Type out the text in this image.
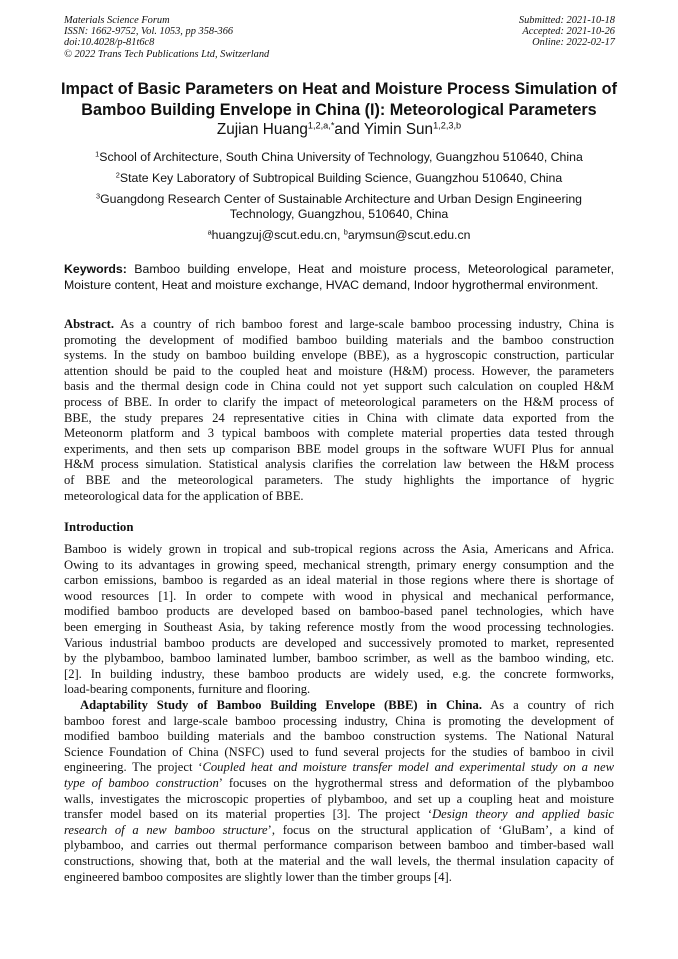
Materials Science Forum
ISSN: 1662-9752, Vol. 1053, pp 358-366
doi:10.4028/p-81t6c8
© 2022 Trans Tech Publications Ltd, Switzerland
Submitted: 2021-10-18
Accepted: 2021-10-26
Online: 2022-02-17
Impact of Basic Parameters on Heat and Moisture Process Simulation of
Bamboo Building Envelope in China (I): Meteorological Parameters
Zujian Huang$^{1,2,a,*}$and Yimin Sun$^{1,2,3,b}$
$^1$School of Architecture, South China University of Technology, Guangzhou 510640, China
$^2$State Key Laboratory of Subtropical Building Science, Guangzhou 510640, China
$^3$Guangdong Research Center of Sustainable Architecture and Urban Design Engineering
Technology, Guangzhou, 510640, China
$^a$huangzuj@scut.edu.cn, $^b$arymsun@scut.edu.cn
Keywords: Bamboo building envelope, Heat and moisture process, Meteorological parameter,
Moisture content, Heat and moisture exchange, HVAC demand, Indoor hygrothermal environment.
Abstract. As a country of rich bamboo forest and large-scale bamboo processing industry, China is
promoting the development of modified bamboo building materials and the bamboo construction
systems. In the study on bamboo building envelope (BBE), as a hygroscopic construction, particular
attention should be paid to the coupled heat and moisture (H&M) process. However, the parameters
basis and the thermal design code in China could not yet support such calculation on coupled H&M
process of BBE. In order to clarify the impact of meteorological parameters on the H&M process of
BBE, the study prepares 24 representative cities in China with climate data exported from the
Meteonorm platform and 3 typical bamboos with complete material properties data tested through
experiments, and then sets up comparison BBE model groups in the software WUFI Plus for annual
H&M process simulation. Statistical analysis clarifies the correlation law between the H&M process
of BBE and the meteorological parameters. The study highlights the importance of hygric
meteorological data for the application of BBE.
Introduction
Bamboo is widely grown in tropical and sub-tropical regions across the Asia, Americans and Africa.
Owing to its advantages in growing speed, mechanical strength, primary energy consumption and the
carbon emissions, bamboo is regarded as an ideal material in those regions where there is shortage of
wood resources [1]. In order to compete with wood in physical and mechanical performance,
modified bamboo products are developed based on bamboo-based panel technologies, which have
been emerging in Southeast Asia, by taking reference mostly from the wood processing technologies.
Various industrial bamboo products are developed and successively promoted to market, represented
by the plybamboo, bamboo laminated lumber, bamboo scrimber, as well as the bamboo winding, etc.
[2]. In building industry, these bamboo products are widely used, e.g. the concrete formworks,
load-bearing components, furniture and flooring.
Adaptability Study of Bamboo Building Envelope (BBE) in China. As a country of rich
bamboo forest and large-scale bamboo processing industry, China is promoting the development of
modified bamboo building materials and the bamboo construction systems. The National Natural
Science Foundation of China (NSFC) used to fund several projects for the studies of bamboo in civil
engineering. The project ‘Coupled heat and moisture transfer model and experimental study on a new
type of bamboo construction’ focuses on the hygrothermal stress and deformation of the plybamboo
walls, investigates the microscopic properties of plybamboo, and set up a coupling heat and moisture
transfer model based on its material properties [3]. The project ‘Design theory and applied basic
research of a new bamboo structure’, focus on the structural application of ‘GluBam’, a kind of
plybamboo, and carries out thermal performance comparison between bamboo and timber-based wall
constructions, showing that, both at the material and the wall levels, the thermal insulation capacity of
engineered bamboo composites are slightly lower than the timber groups [4].
